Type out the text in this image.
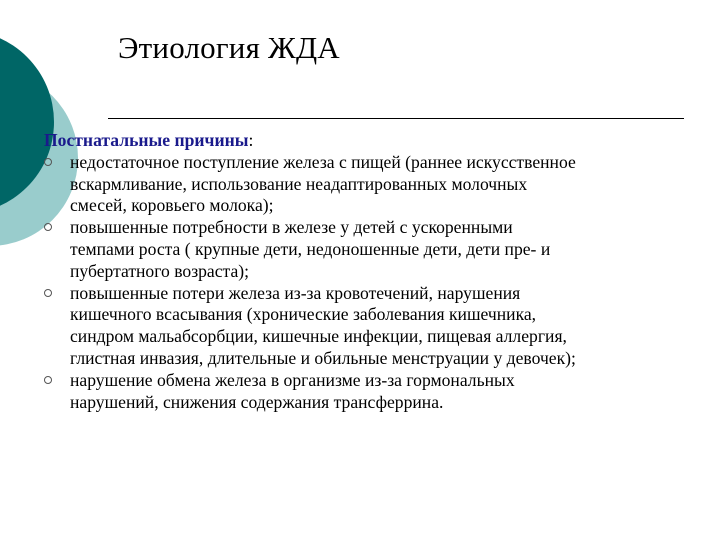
Этиология ЖДА
Постнатальные причины:
недостаточное поступление железа с пищей (раннее искусственное
вскармливание, использование неадаптированных молочных
смесей, коровьего молока);
повышенные потребности в железе у детей с ускоренными
темпами роста ( крупные дети, недоношенные дети, дети пре- и
пубертатного возраста);
повышенные потери железа из-за кровотечений, нарушения
кишечного всасывания (хронические заболевания кишечника,
синдром мальабсорбции, кишечные инфекции, пищевая аллергия,
глистная инвазия, длительные и обильные менструации у девочек);
нарушение обмена железа в организме из-за гормональных
нарушений, снижения содержания трансферрина.
